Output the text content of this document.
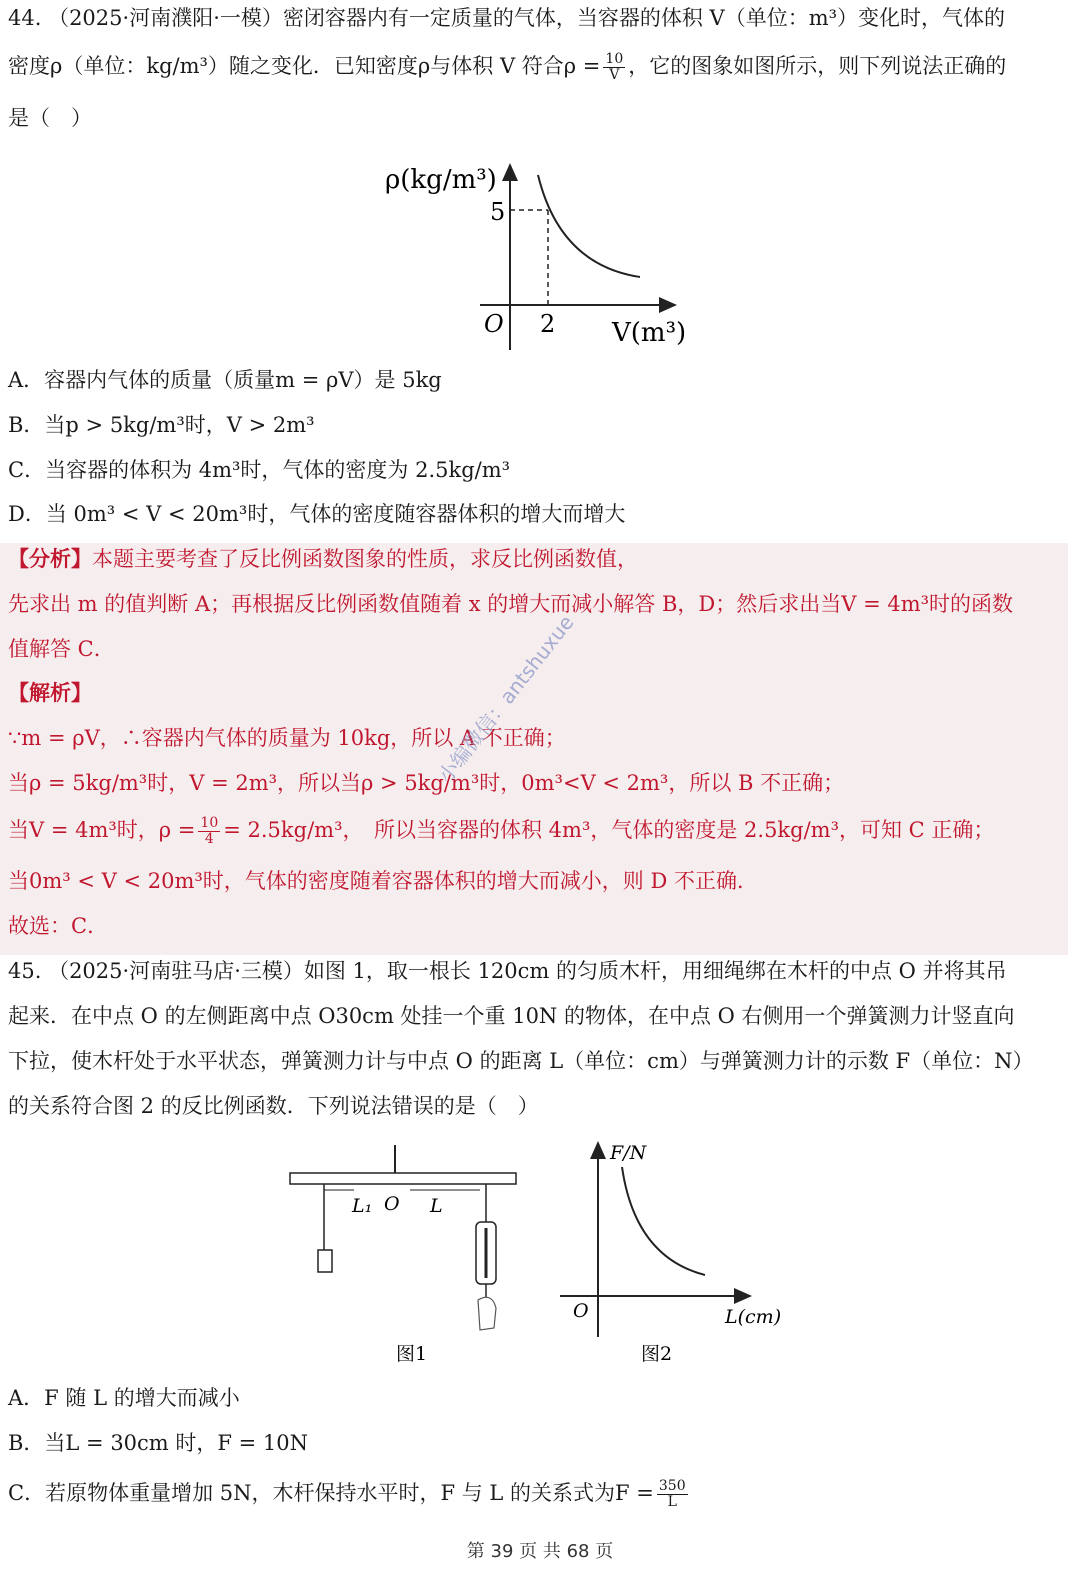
44. （2025·河南濮阳·一模）密闭容器内有一定质量的气体，当容器的体积 V（单位：m³）变化时，气体的
密度ρ（单位：kg/m³）随之变化．已知密度ρ与体积 V 符合$\rho = \frac{10}{V}$ ，它的图象如图所示，则下列说法正确的
是（　）
ρ(kg/m³)
5
O 2 V(m³)
A．容器内气体的质量（质量m = ρV）是 5kg
B．当p > 5kg/m³时，V > 2m³
C．当容器的体积为 4m³时，气体的密度为 2.5kg/m³
D．当 0m³ < V < 20m³时，气体的密度随容器体积的增大而增大
【分析】本题主要考查了反比例函数图象的性质，求反比例函数值，
先求出 m 的值判断 A；再根据反比例函数值随着 x 的增大而减小解答 B，D；然后求出当V = 4m³时的函数
值解答 C．
【解析】
∵m = ρV，∴容器内气体的质量为 10kg，所以 A 不正确；
当ρ = 5kg/m³时，V = 2m³，所以当ρ > 5kg/m³时，0m³<V < 2m³，所以 B 不正确；
当V = 4m³时，$\rho = \frac{10}{4} = 2.5kg/m^3$，　所以当容器的体积 4m³，气体的密度是 2.5kg/m³，可知 C 正确；
当0m³ < V < 20m³时，气体的密度随着容器体积的增大而减小，则 D 不正确．
故选：C．
小编微信：antshuxue
45. （2025·河南驻马店·三模）如图 1，取一根长 120cm 的匀质木杆，用细绳绑在木杆的中点 O 并将其吊
起来．在中点 O 的左侧距离中点 O30cm 处挂一个重 10N 的物体，在中点 O 右侧用一个弹簧测力计竖直向
下拉，使木杆处于水平状态，弹簧测力计与中点 O 的距离 L（单位：cm）与弹簧测力计的示数 F（单位：N）
的关系符合图 2 的反比例函数．下列说法错误的是（　）
L₁ O L
图1
F/N
O	L(cm)
图2
A．F 随 L 的增大而减小
B．当L = 30cm 时，F = 10N
C．若原物体重量增加 5N，木杆保持水平时，F 与 L 的关系式为$F = \frac{350}{L}$
第 39 页 共 68 页
